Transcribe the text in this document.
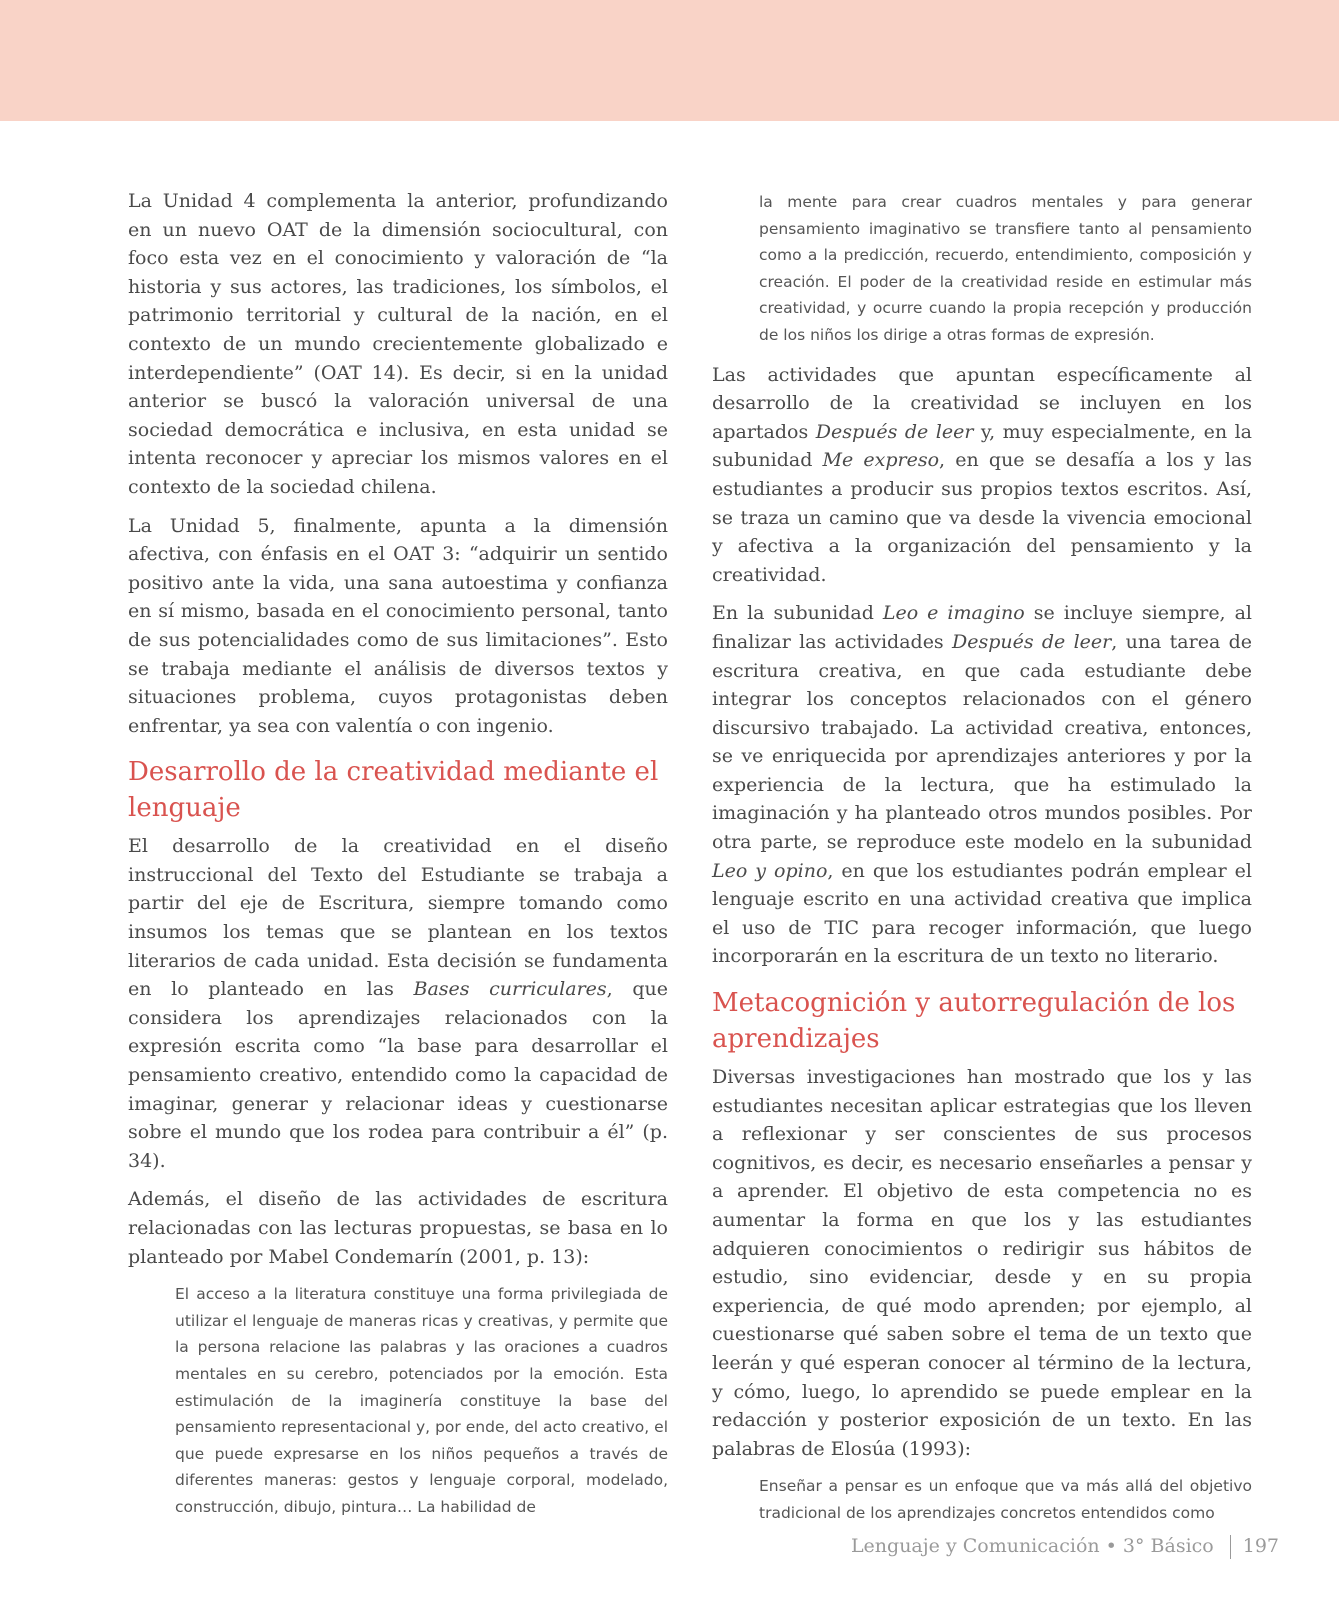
La Unidad 4 complementa la anterior, profundizando en un nuevo OAT de la dimensión sociocultural, con foco esta vez en el conocimiento y valoración de “la historia y sus actores, las tradiciones, los símbolos, el patrimonio territorial y cultural de la nación, en el contexto de un mundo crecientemente globalizado e interdependiente” (OAT 14). Es decir, si en la unidad anterior se buscó la valoración universal de una sociedad democrática e inclusiva, en esta unidad se intenta reconocer y apreciar los mismos valores en el contexto de la sociedad chilena.

La Unidad 5, finalmente, apunta a la dimensión afectiva, con énfasis en el OAT 3: “adquirir un sentido positivo ante la vida, una sana autoestima y confianza en sí mismo, basada en el conocimiento personal, tanto de sus potencialidades como de sus limitaciones”. Esto se trabaja mediante el análisis de diversos textos y situaciones problema, cuyos protagonistas deben enfrentar, ya sea con valentía o con ingenio.

Desarrollo de la creatividad mediante el lenguaje

El desarrollo de la creatividad en el diseño instruccional del Texto del Estudiante se trabaja a partir del eje de Escritura, siempre tomando como insumos los temas que se plantean en los textos literarios de cada unidad. Esta decisión se fundamenta en lo planteado en las Bases curriculares, que considera los aprendizajes relacionados con la expresión escrita como “la base para desarrollar el pensamiento creativo, entendido como la capacidad de imaginar, generar y relacionar ideas y cuestionarse sobre el mundo que los rodea para contribuir a él” (p. 34).

Además, el diseño de las actividades de escritura relacionadas con las lecturas propuestas, se basa en lo planteado por Mabel Condemarín (2001, p. 13):

El acceso a la literatura constituye una forma privilegiada de utilizar el lenguaje de maneras ricas y creativas, y permite que la persona relacione las palabras y las oraciones a cuadros mentales en su cerebro, potenciados por la emoción. Esta estimulación de la imaginería constituye la base del pensamiento representacional y, por ende, del acto creativo, el que puede expresarse en los niños pequeños a través de diferentes maneras: gestos y lenguaje corporal, modelado, construcción, dibujo, pintura… La habilidad de
la mente para crear cuadros mentales y para generar pensamiento imaginativo se transfiere tanto al pensamiento como a la predicción, recuerdo, entendimiento, composición y creación. El poder de la creatividad reside en estimular más creatividad, y ocurre cuando la propia recepción y producción de los niños los dirige a otras formas de expresión.

Las actividades que apuntan específicamente al desarrollo de la creatividad se incluyen en los apartados Después de leer y, muy especialmente, en la subunidad Me expreso, en que se desafía a los y las estudiantes a producir sus propios textos escritos. Así, se traza un camino que va desde la vivencia emocional y afectiva a la organización del pensamiento y la creatividad.

En la subunidad Leo e imagino se incluye siempre, al finalizar las actividades Después de leer, una tarea de escritura creativa, en que cada estudiante debe integrar los conceptos relacionados con el género discursivo trabajado. La actividad creativa, entonces, se ve enriquecida por aprendizajes anteriores y por la experiencia de la lectura, que ha estimulado la imaginación y ha planteado otros mundos posibles. Por otra parte, se reproduce este modelo en la subunidad Leo y opino, en que los estudiantes podrán emplear el lenguaje escrito en una actividad creativa que implica el uso de TIC para recoger información, que luego incorporarán en la escritura de un texto no literario.

Metacognición y autorregulación de los aprendizajes

Diversas investigaciones han mostrado que los y las estudiantes necesitan aplicar estrategias que los lleven a reflexionar y ser conscientes de sus procesos cognitivos, es decir, es necesario enseñarles a pensar y a aprender. El objetivo de esta competencia no es aumentar la forma en que los y las estudiantes adquieren conocimientos o redirigir sus hábitos de estudio, sino evidenciar, desde y en su propia experiencia, de qué modo aprenden; por ejemplo, al cuestionarse qué saben sobre el tema de un texto que leerán y qué esperan conocer al término de la lectura, y cómo, luego, lo aprendido se puede emplear en la redacción y posterior exposición de un texto. En las palabras de Elosúa (1993):

Enseñar a pensar es un enfoque que va más allá del objetivo tradicional de los aprendizajes concretos entendidos como
Lenguaje y Comunicación • 3° Básico 197
